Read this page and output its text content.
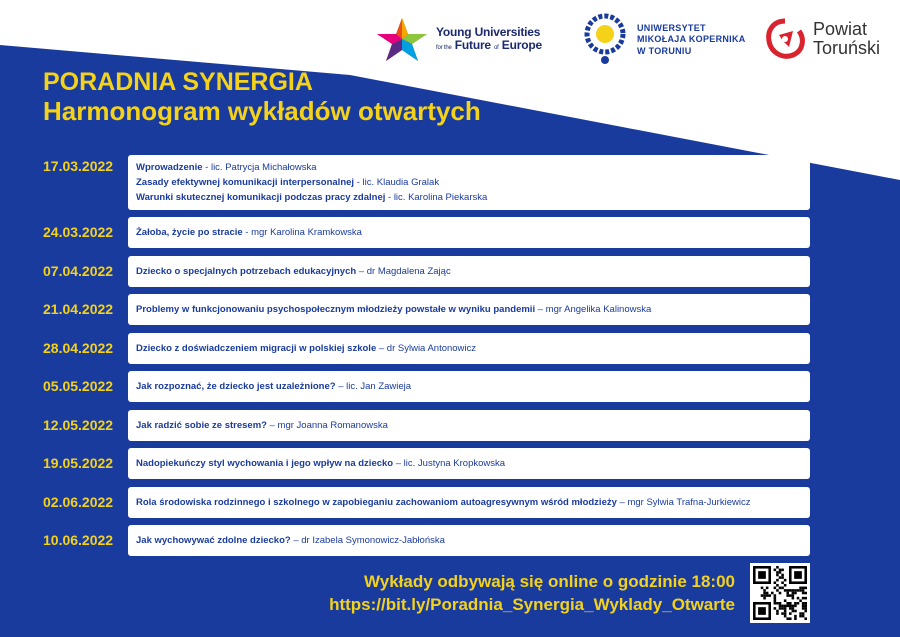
Young Universities
for the Future of Europe
UNIWERSYTET
MIKOŁAJA KOPERNIKA
W TORUNIU
Powiat
Toruński
PORADNIA SYNERGIA
Harmonogram wykładów otwartych
17.03.2022 Wprowadzenie - lic. Patrycja Michałowska
Zasady efektywnej komunikacji interpersonalnej - lic. Klaudia Gralak
Warunki skutecznej komunikacji podczas pracy zdalnej - lic. Karolina Piekarska
24.03.2022 Żałoba, życie po stracie - mgr Karolina Kramkowska
07.04.2022 Dziecko o specjalnych potrzebach edukacyjnych – dr Magdalena Zając
21.04.2022 Problemy w funkcjonowaniu psychospołecznym młodzieży powstałe w wyniku pandemii – mgr Angelika Kalinowska
28.04.2022 Dziecko z doświadczeniem migracji w polskiej szkole – dr Sylwia Antonowicz
05.05.2022 Jak rozpoznać, że dziecko jest uzależnione? – lic. Jan Zawieja
12.05.2022 Jak radzić sobie ze stresem? – mgr Joanna Romanowska
19.05.2022 Nadopiekuńczy styl wychowania i jego wpływ na dziecko – lic. Justyna Kropkowska
02.06.2022 Rola środowiska rodzinnego i szkolnego w zapobieganiu zachowaniom autoagresywnym wśród młodzieży – mgr Sylwia Trafna-Jurkiewicz
10.06.2022 Jak wychowywać zdolne dziecko? – dr Izabela Symonowicz-Jabłońska
Wykłady odbywają się online o godzinie 18:00
https://bit.ly/Poradnia_Synergia_Wyklady_Otwarte
